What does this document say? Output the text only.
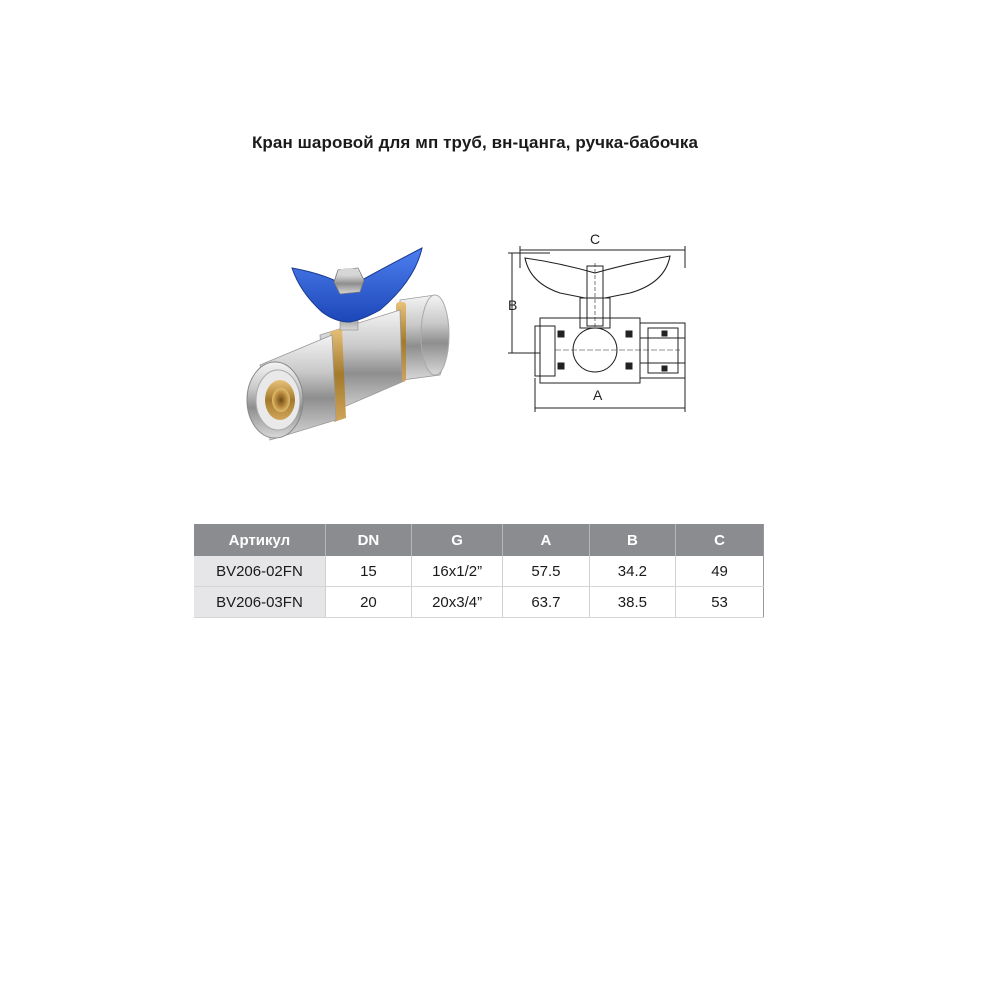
Кран шаровой для мп труб, вн-цанга, ручка-бабочка
C
B
A
Артикул	DN	G	A	B	C
BV206-02FN	15	16x1/2”	57.5	34.2	49
BV206-03FN	20	20x3/4”	63.7	38.5	53
